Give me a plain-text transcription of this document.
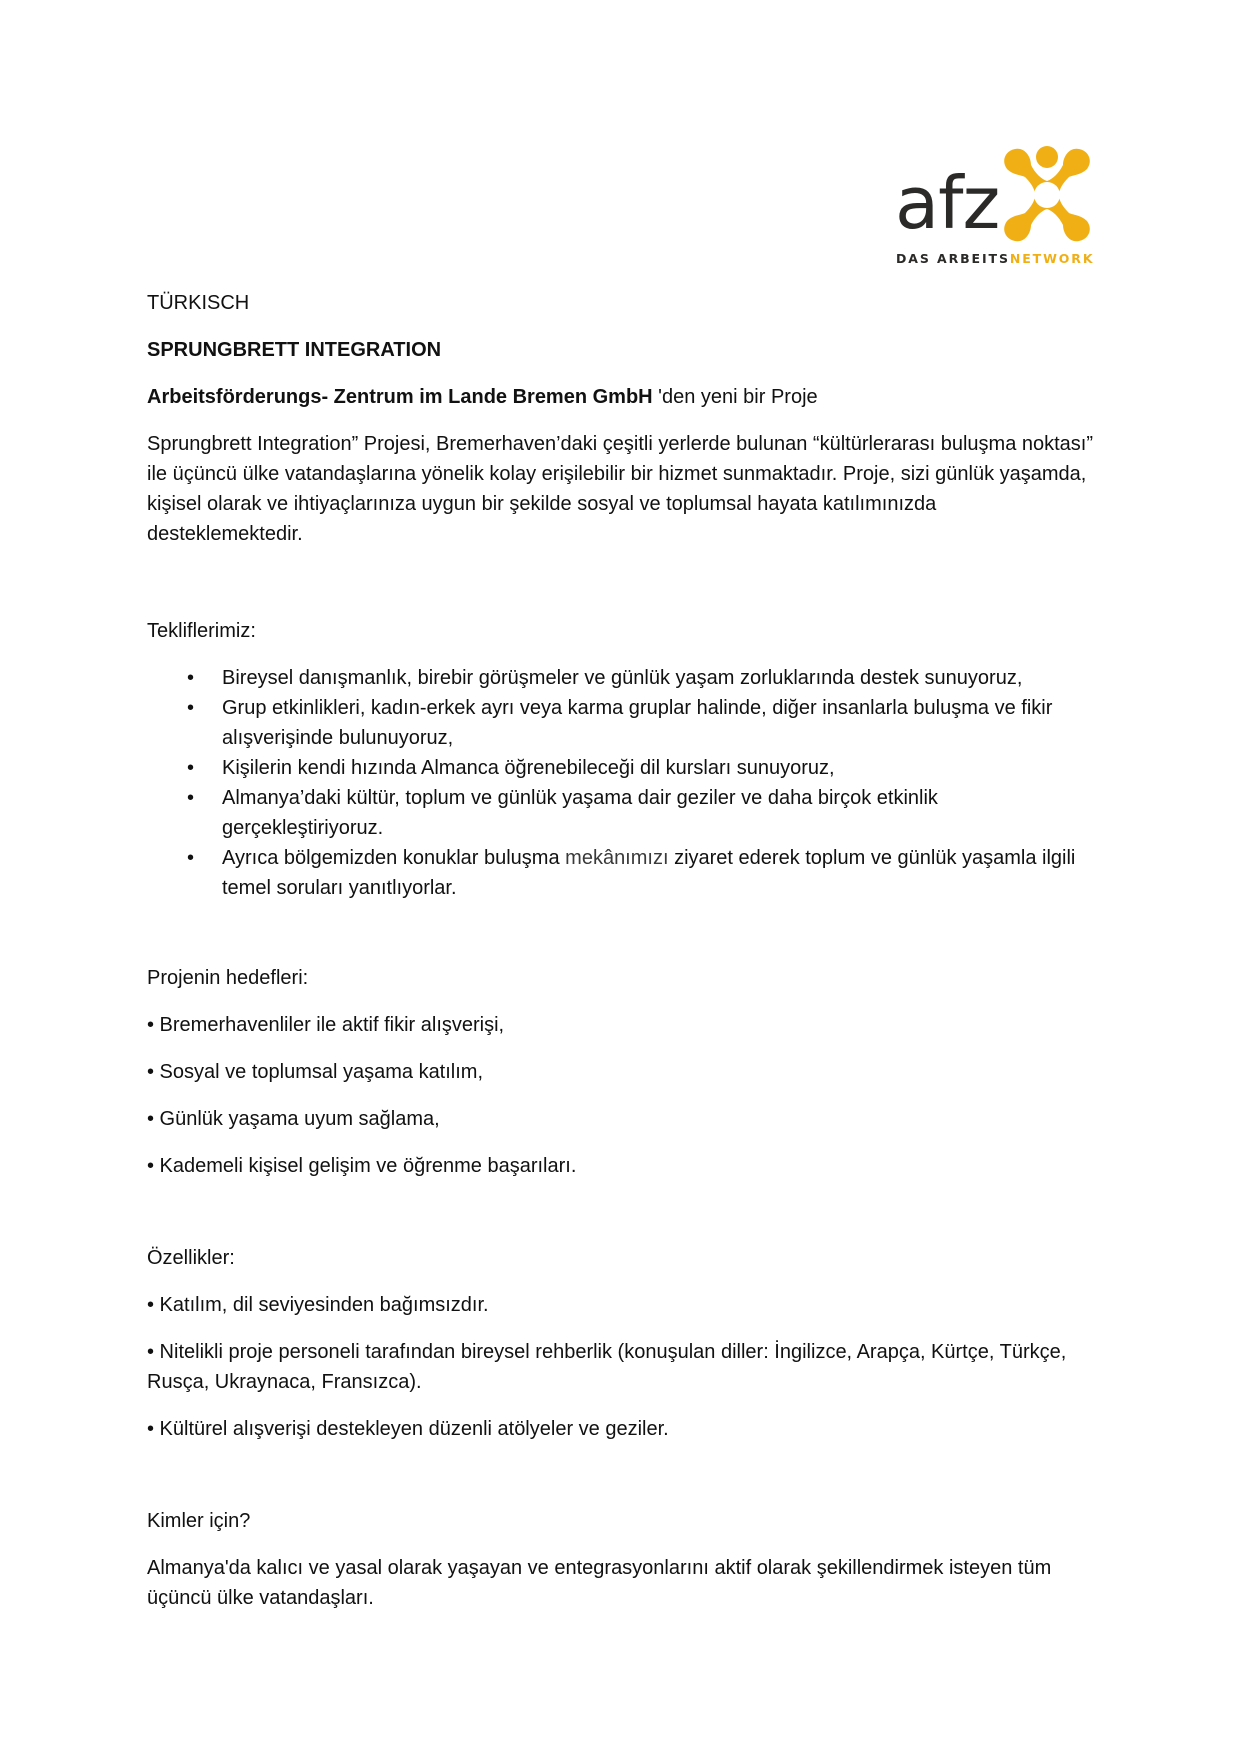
afz
DAS ARBEITSNETWORK

TÜRKISCH

SPRUNGBRETT INTEGRATION

Arbeitsförderungs- Zentrum im Lande Bremen GmbH 'den yeni bir Proje

Sprungbrett Integration” Projesi, Bremerhaven’daki çeşitli yerlerde bulunan “kültürlerarası buluşma noktası” ile üçüncü ülke vatandaşlarına yönelik kolay erişilebilir bir hizmet sunmaktadır. Proje, sizi günlük yaşamda, kişisel olarak ve ihtiyaçlarınıza uygun bir şekilde sosyal ve toplumsal hayata katılımınızda desteklemektedir.

Tekliflerimiz:

• Bireysel danışmanlık, birebir görüşmeler ve günlük yaşam zorluklarında destek sunuyoruz,
• Grup etkinlikleri, kadın-erkek ayrı veya karma gruplar halinde, diğer insanlarla buluşma ve fikir alışverişinde bulunuyoruz,
• Kişilerin kendi hızında Almanca öğrenebileceği dil kursları sunuyoruz,
• Almanya’daki kültür, toplum ve günlük yaşama dair geziler ve daha birçok etkinlik gerçekleştiriyoruz.
• Ayrıca bölgemizden konuklar buluşma mekânımızı ziyaret ederek toplum ve günlük yaşamla ilgili temel soruları yanıtlıyorlar.

Projenin hedefleri:

• Bremerhavenliler ile aktif fikir alışverişi,

• Sosyal ve toplumsal yaşama katılım,

• Günlük yaşama uyum sağlama,

• Kademeli kişisel gelişim ve öğrenme başarıları.

Özellikler:

• Katılım, dil seviyesinden bağımsızdır.

• Nitelikli proje personeli tarafından bireysel rehberlik (konuşulan diller: İngilizce, Arapça, Kürtçe, Türkçe, Rusça, Ukraynaca, Fransızca).

• Kültürel alışverişi destekleyen düzenli atölyeler ve geziler.

Kimler için?

Almanya'da kalıcı ve yasal olarak yaşayan ve entegrasyonlarını aktif olarak şekillendirmek isteyen tüm üçüncü ülke vatandaşları.
